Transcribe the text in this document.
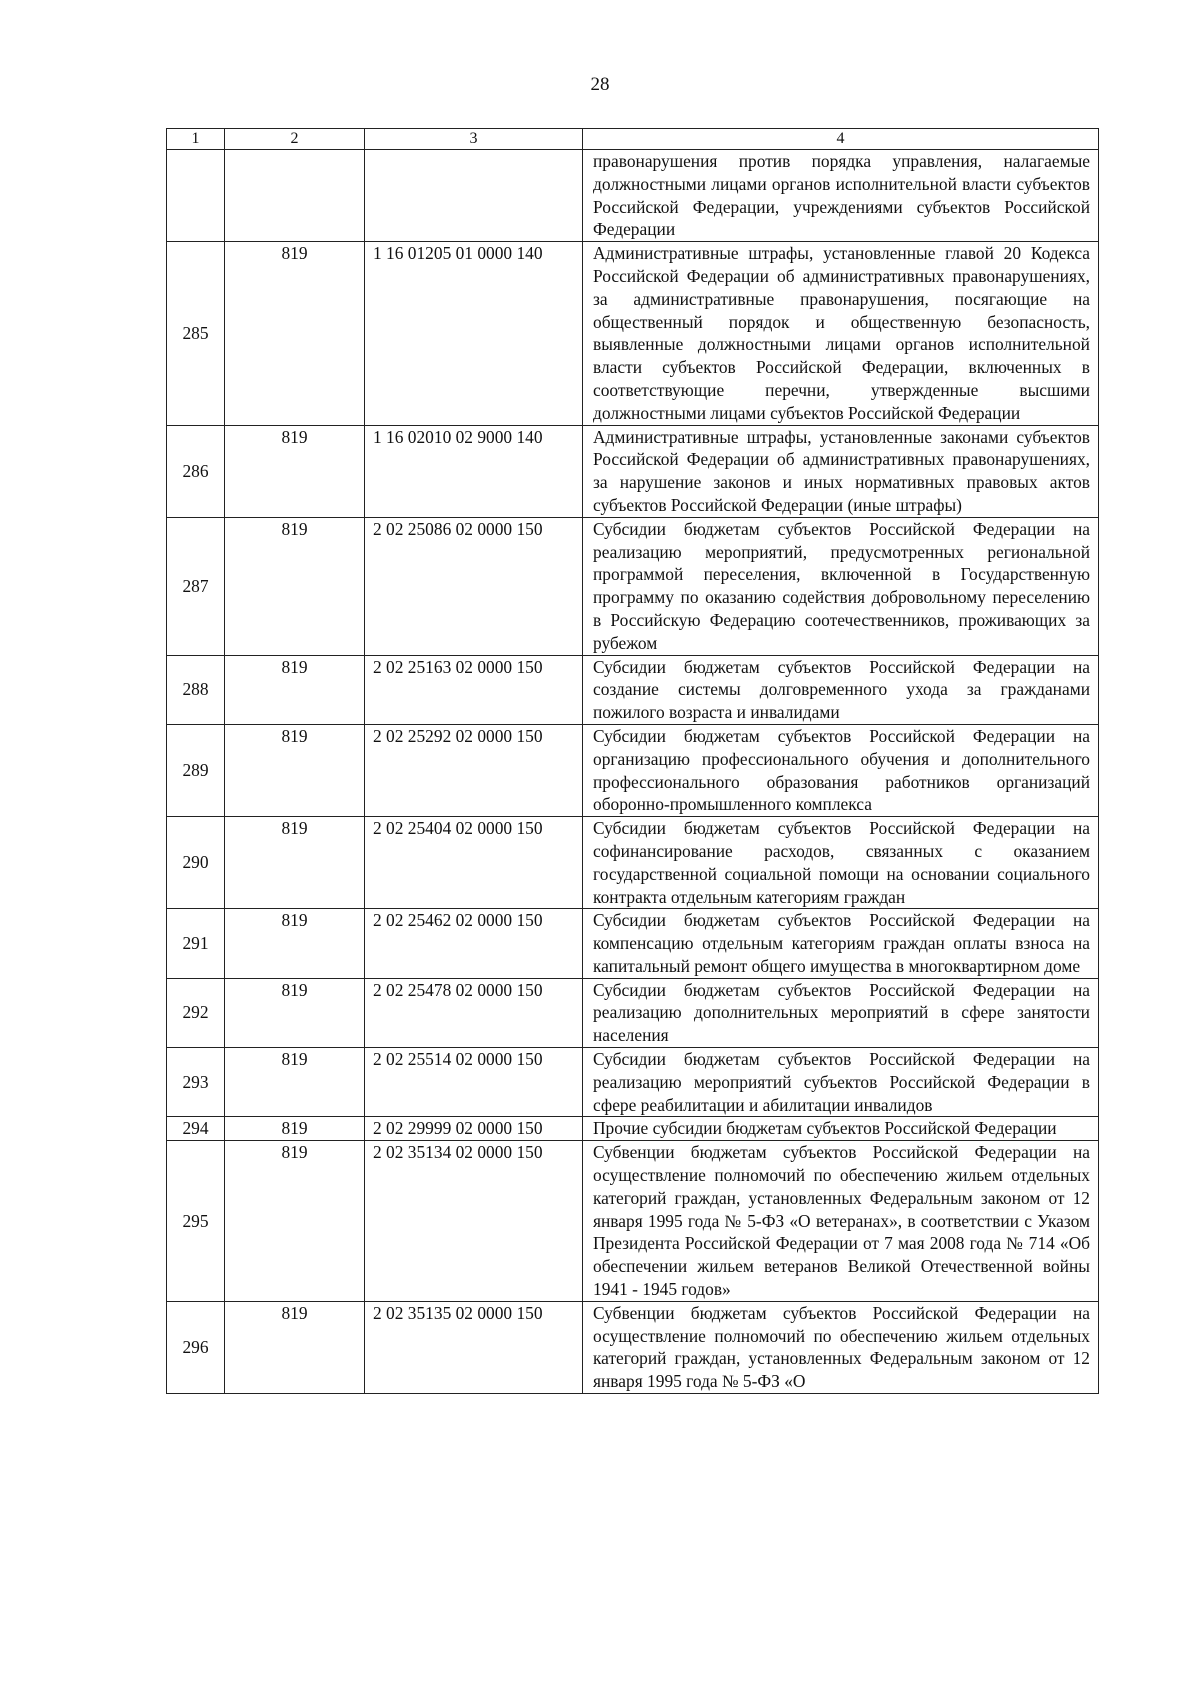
28
1	2	3	4
			правонарушения против порядка управления, налагаемые должностными лицами органов исполнительной власти субъектов Российской Федерации, учреждениями субъектов Российской Федерации
285	819	1 16 01205 01 0000 140	Административные штрафы, установленные главой 20 Кодекса Российской Федерации об административных правонарушениях, за административные правонарушения, посягающие на общественный порядок и общественную безопасность, выявленные должностными лицами органов исполнительной власти субъектов Российской Федерации, включенных в соответствующие перечни, утвержденные высшими должностными лицами субъектов Российской Федерации
286	819	1 16 02010 02 9000 140	Административные штрафы, установленные законами субъектов Российской Федерации об административных правонарушениях, за нарушение законов и иных нормативных правовых актов субъектов Российской Федерации (иные штрафы)
287	819	2 02 25086 02 0000 150	Субсидии бюджетам субъектов Российской Федерации на реализацию мероприятий, предусмотренных региональной программой переселения, включенной в Государственную программу по оказанию содействия добровольному переселению в Российскую Федерацию соотечественников, проживающих за рубежом
288	819	2 02 25163 02 0000 150	Субсидии бюджетам субъектов Российской Федерации на создание системы долговременного ухода за гражданами пожилого возраста и инвалидами
289	819	2 02 25292 02 0000 150	Субсидии бюджетам субъектов Российской Федерации на организацию профессионального обучения и дополнительного профессионального образования работников организаций оборонно-промышленного комплекса
290	819	2 02 25404 02 0000 150	Субсидии бюджетам субъектов Российской Федерации на софинансирование расходов, связанных с оказанием государственной социальной помощи на основании социального контракта отдельным категориям граждан
291	819	2 02 25462 02 0000 150	Субсидии бюджетам субъектов Российской Федерации на компенсацию отдельным категориям граждан оплаты взноса на капитальный ремонт общего имущества в многоквартирном доме
292	819	2 02 25478 02 0000 150	Субсидии бюджетам субъектов Российской Федерации на реализацию дополнительных мероприятий в сфере занятости населения
293	819	2 02 25514 02 0000 150	Субсидии бюджетам субъектов Российской Федерации на реализацию мероприятий субъектов Российской Федерации в сфере реабилитации и абилитации инвалидов
294	819	2 02 29999 02 0000 150	Прочие субсидии бюджетам субъектов Российской Федерации
295	819	2 02 35134 02 0000 150	Субвенции бюджетам субъектов Российской Федерации на осуществление полномочий по обеспечению жильем отдельных категорий граждан, установленных Федеральным законом от 12 января 1995 года № 5-ФЗ «О ветеранах», в соответствии с Указом Президента Российской Федерации от 7 мая 2008 года № 714 «Об обеспечении жильем ветеранов Великой Отечественной войны 1941 - 1945 годов»
296	819	2 02 35135 02 0000 150	Субвенции бюджетам субъектов Российской Федерации на осуществление полномочий по обеспечению жильем отдельных категорий граждан, установленных Федеральным законом от 12 января 1995 года № 5-ФЗ «О
